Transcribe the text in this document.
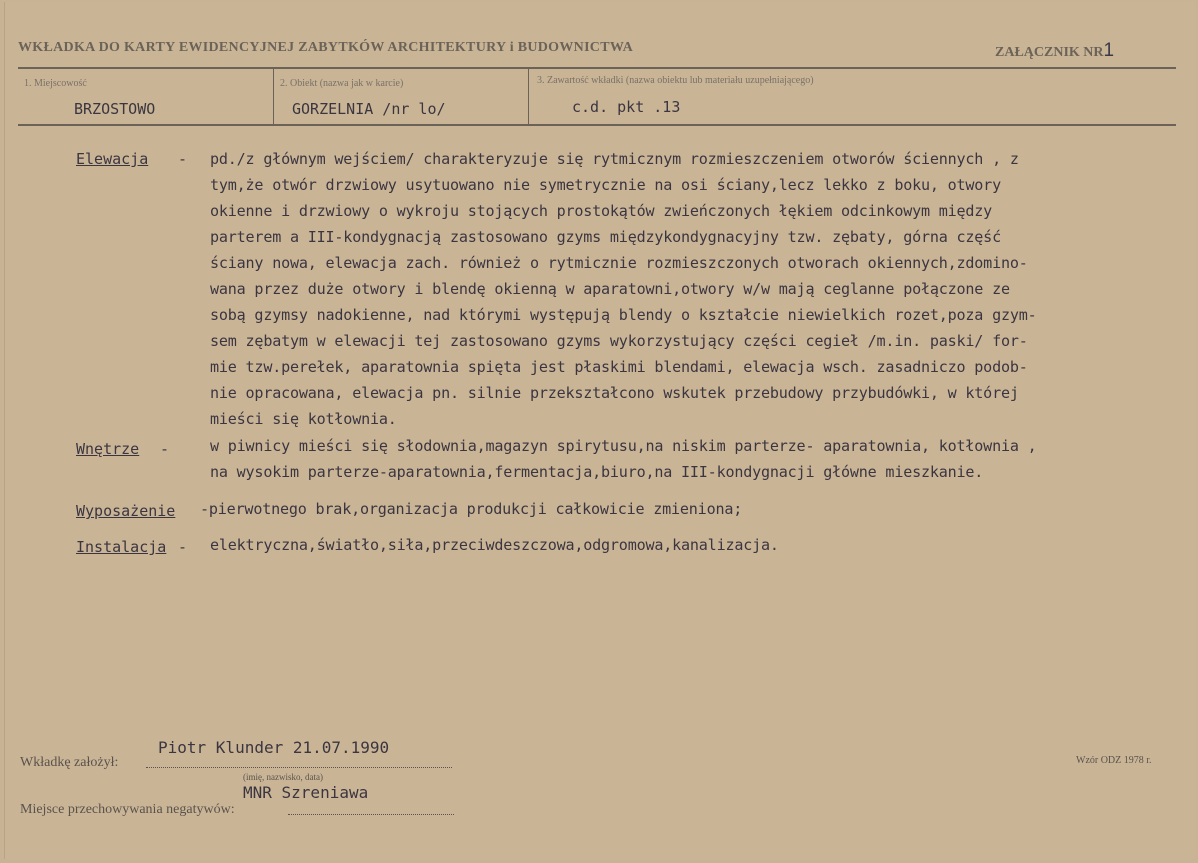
WKŁADKA DO KARTY EWIDENCYJNEJ ZABYTKÓW ARCHITEKTURY i BUDOWNICTWA	ZAŁĄCZNIK NR1
1. Miejscowość
BRZOSTOWO
2. Obiekt (nazwa jak w karcie)
GORZELNIA /nr lo/
3. Zawartość wkładki (nazwa obiektu lub materiału uzupełniającego)
c.d. pkt .13
Elewacja - pd./z głównym wejściem/ charakteryzuje się rytmicznym rozmieszczeniem otworów ściennych , z
tym,że otwór drzwiowy usytuowano nie symetrycznie na osi ściany,lecz lekko z boku, otwory
okienne i drzwiowy o wykroju stojących prostokątów zwieńczonych łękiem odcinkowym między
parterem a III-kondygnacją zastosowano gzyms międzykondygnacyjny tzw. zębaty, górna część
ściany nowa, elewacja zach. również o rytmicznie rozmieszczonych otworach okiennych,zdomino-
wana przez duże otwory i blendę okienną w aparatowni,otwory w/w mają ceglanne połączone ze
sobą gzymsy nadokienne, nad którymi występują blendy o kształcie niewielkich rozet,poza gzym-
sem zębatym w elewacji tej zastosowano gzyms wykorzystujący części cegieł /m.in. paski/ for-
mie tzw.perełek, aparatownia spięta jest płaskimi blendami, elewacja wsch. zasadniczo podob-
nie opracowana, elewacja pn. silnie przekształcono wskutek przebudowy przybudówki, w której
mieści się kotłownia.
Wnętrze -	w piwnicy mieści się słodownia,magazyn spirytusu,na niskim parterze- aparatownia, kotłownia ,
na wysokim parterze-aparatownia,fermentacja,biuro,na III-kondygnacji główne mieszkanie.
Wyposażenie -pierwotnego brak,organizacja produkcji całkowicie zmieniona;
Instalacja - elektryczna,światło,siła,przeciwdeszczowa,odgromowa,kanalizacja.
Piotr Klunder 21.07.1990
Wkładkę założył:
(imię, nazwisko, data)
MNR Szreniawa
Miejsce przechowywania negatywów:
Wzór ODZ 1978 r.
